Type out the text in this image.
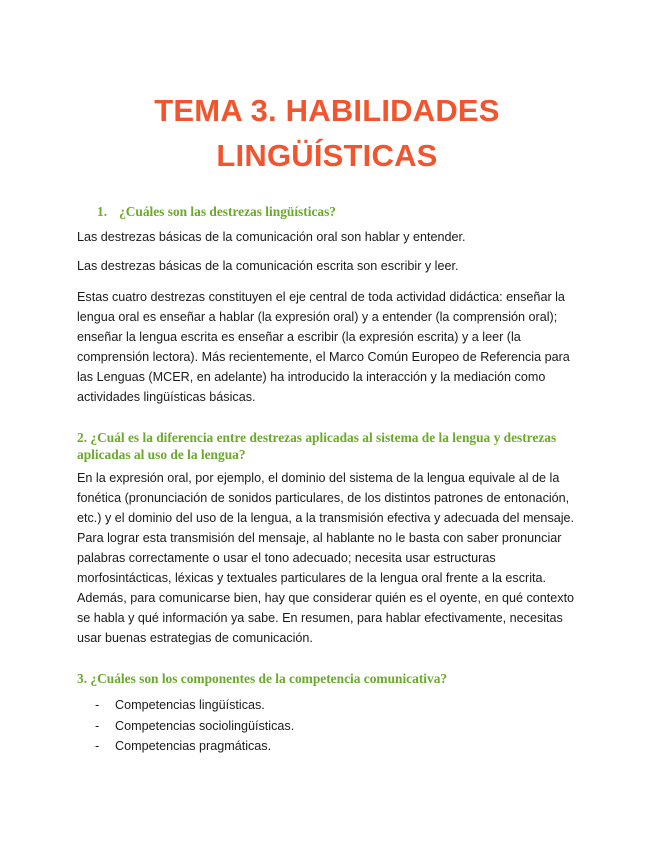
TEMA 3. HABILIDADES
LINGÜÍSTICAS
1. ¿Cuáles son las destrezas lingüísticas?

Las destrezas básicas de la comunicación oral son hablar y entender.

Las destrezas básicas de la comunicación escrita son escribir y leer.

Estas cuatro destrezas constituyen el eje central de toda actividad didáctica: enseñar la lengua oral es enseñar a hablar (la expresión oral) y a entender (la comprensión oral); enseñar la lengua escrita es enseñar a escribir (la expresión escrita) y a leer (la comprensión lectora). Más recientemente, el Marco Común Europeo de Referencia para las Lenguas (MCER, en adelante) ha introducido la interacción y la mediación como actividades lingüísticas básicas.

2. ¿Cuál es la diferencia entre destrezas aplicadas al sistema de la lengua y destrezas aplicadas al uso de la lengua?

En la expresión oral, por ejemplo, el dominio del sistema de la lengua equivale al de la fonética (pronunciación de sonidos particulares, de los distintos patrones de entonación, etc.) y el dominio del uso de la lengua, a la transmisión efectiva y adecuada del mensaje. Para lograr esta transmisión del mensaje, al hablante no le basta con saber pronunciar palabras correctamente o usar el tono adecuado; necesita usar estructuras morfosintácticas, léxicas y textuales particulares de la lengua oral frente a la escrita. Además, para comunicarse bien, hay que considerar quién es el oyente, en qué contexto se habla y qué información ya sabe. En resumen, para hablar efectivamente, necesitas usar buenas estrategias de comunicación.

3. ¿Cuáles son los componentes de la competencia comunicativa?
- Competencias lingüísticas.
- Competencias sociolingüísticas.
- Competencias pragmáticas.
